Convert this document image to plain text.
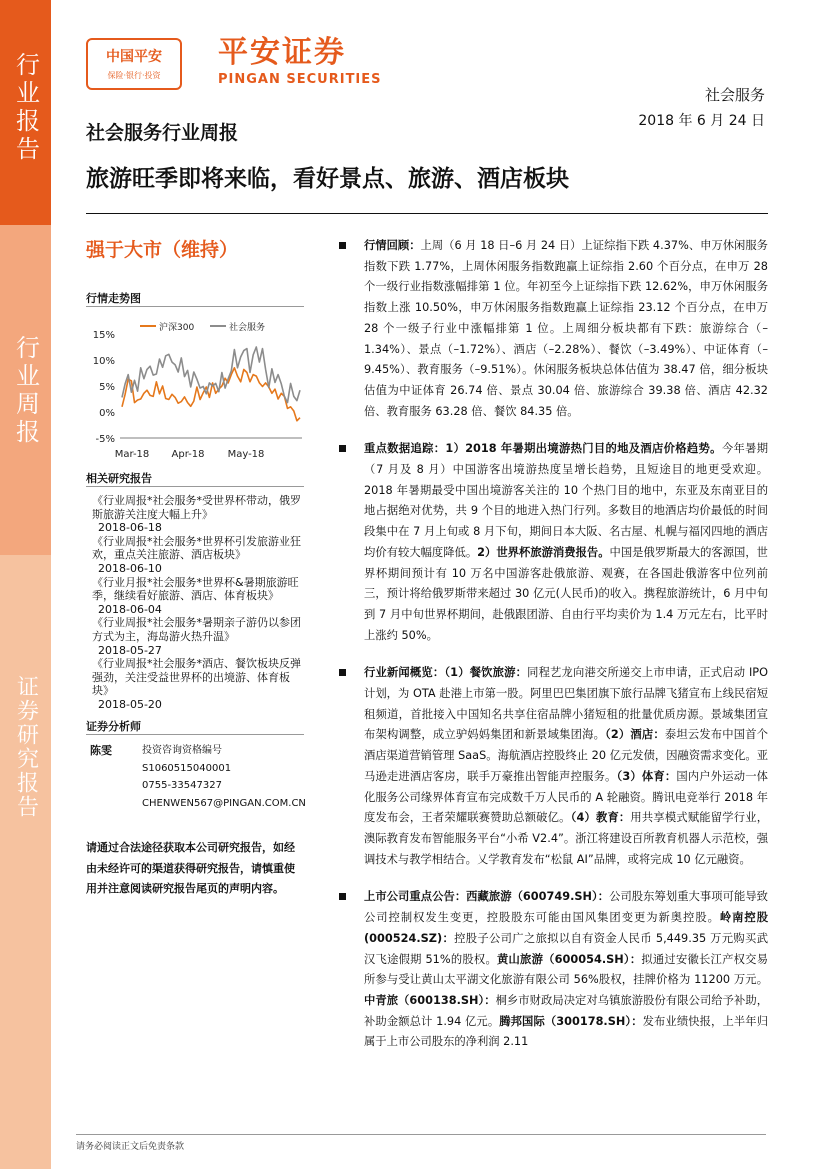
行业报告
行业周报
证券研究报告
中国平安
保险·银行·投资
平安证券
PINGAN SECURITIES
社会服务
2018 年 6 月 24 日
社会服务行业周报
旅游旺季即将来临，看好景点、旅游、酒店板块
强于大市（维持）
行情走势图
15%
10%
5%
0%
-5%
Mar-18 Apr-18 May-18
沪深300	社会服务
相关研究报告
《行业周报*社会服务*受世界杯带动，俄罗斯旅游关注度大幅上升》
2018-06-18
《行业周报*社会服务*世界杯引发旅游业狂欢，重点关注旅游、酒店板块》
2018-06-10
《行业月报*社会服务*世界杯&暑期旅游旺季，继续看好旅游、酒店、体育板块》
2018-06-04
《行业周报*社会服务*暑期亲子游仍以参团方式为主，海岛游火热升温》
2018-05-27
《行业周报*社会服务*酒店、餐饮板块反弹强劲，关注受益世界杯的出境游、体育板块》
2018-05-20
证券分析师
陈雯	投资咨询资格编号
S1060515040001
0755-33547327
CHENWEN567@PINGAN.COM.CN
请通过合法途径获取本公司研究报告，如经由未经许可的渠道获得研究报告，请慎重使用并注意阅读研究报告尾页的声明内容。
行情回顾：上周（6 月 18 日–6 月 24 日）上证综指下跌 4.37%、申万休闲服务指数下跌 1.77%，上周休闲服务指数跑赢上证综指 2.60 个百分点，在申万 28 个一级行业指数涨幅排第 1 位。年初至今上证综指下跌 12.62%，申万休闲服务指数上涨 10.50%，申万休闲服务指数跑赢上证综指 23.12 个百分点，在申万 28 个一级子行业中涨幅排第 1 位。上周细分板块都有下跌：旅游综合（–1.34%）、景点（–1.72%）、酒店（–2.28%）、餐饮（–3.49%）、中证体育（–9.45%）、教育服务（–9.51%）。休闲服务板块总体估值为 38.47 倍，细分板块估值为中证体育 26.74 倍、景点 30.04 倍、旅游综合 39.38 倍、酒店 42.32 倍、教育服务 63.28 倍、餐饮 84.35 倍。
重点数据追踪：1）2018 年暑期出境游热门目的地及酒店价格趋势。今年暑期（7 月及 8 月）中国游客出境游热度呈增长趋势，且短途目的地更受欢迎。2018 年暑期最受中国出境游客关注的 10 个热门目的地中，东亚及东南亚目的地占据绝对优势，共 9 个目的地进入热门行列。多数目的地酒店均价最低的时间段集中在 7 月上旬或 8 月下旬，期间日本大阪、名古屋、札幌与福冈四地的酒店均价有较大幅度降低。2）世界杯旅游消费报告。中国是俄罗斯最大的客源国，世界杯期间预计有 10 万名中国游客赴俄旅游、观赛，在各国赴俄游客中位列前三，预计将给俄罗斯带来超过 30 亿元(人民币)的收入。携程旅游统计，6 月中旬到 7 月中旬世界杯期间，赴俄跟团游、自由行平均卖价为 1.4 万元左右，比平时上涨约 50%。
行业新闻概览：（1）餐饮旅游：同程艺龙向港交所递交上市申请，正式启动 IPO 计划，为 OTA 赴港上市第一股。阿里巴巴集团旗下旅行品牌飞猪宣布上线民宿短租频道，首批接入中国知名共享住宿品牌小猪短租的批量优质房源。景域集团宣布架构调整，成立驴妈妈集团和新景域集团海。（2）酒店：泰坦云发布中国首个酒店渠道营销管理 SaaS。海航酒店控股终止 20 亿元发债，因融资需求变化。亚马逊走进酒店客房，联手万豪推出智能声控服务。（3）体育：国内户外运动一体化服务公司缘界体育宣布完成数千万人民币的 A 轮融资。腾讯电竞举行 2018 年度发布会，王者荣耀联赛赞助总额破亿。（4）教育：用共享模式赋能留学行业，澳际教育发布智能服务平台“小希 V2.4”。浙江将建设百所教育机器人示范校，强调技术与教学相结合。乂学教育发布“松鼠 AI”品牌，或将完成 10 亿元融资。
上市公司重点公告：西藏旅游（600749.SH）：公司股东筹划重大事项可能导致公司控制权发生变更，控股股东可能由国风集团变更为新奥控股。岭南控股(000524.SZ)：控股子公司广之旅拟以自有资金人民币 5,449.35 万元购买武汉飞途假期 51%的股权。黄山旅游（600054.SH）：拟通过安徽长江产权交易所参与受让黄山太平湖文化旅游有限公司 56%股权，挂牌价格为 11200 万元。中青旅（600138.SH）：桐乡市财政局决定对乌镇旅游股份有限公司给予补助，补助金额总计 1.94 亿元。腾邦国际（300178.SH）：发布业绩快报，上半年归属于上市公司股东的净利润 2.11
请务必阅读正文后免责条款
